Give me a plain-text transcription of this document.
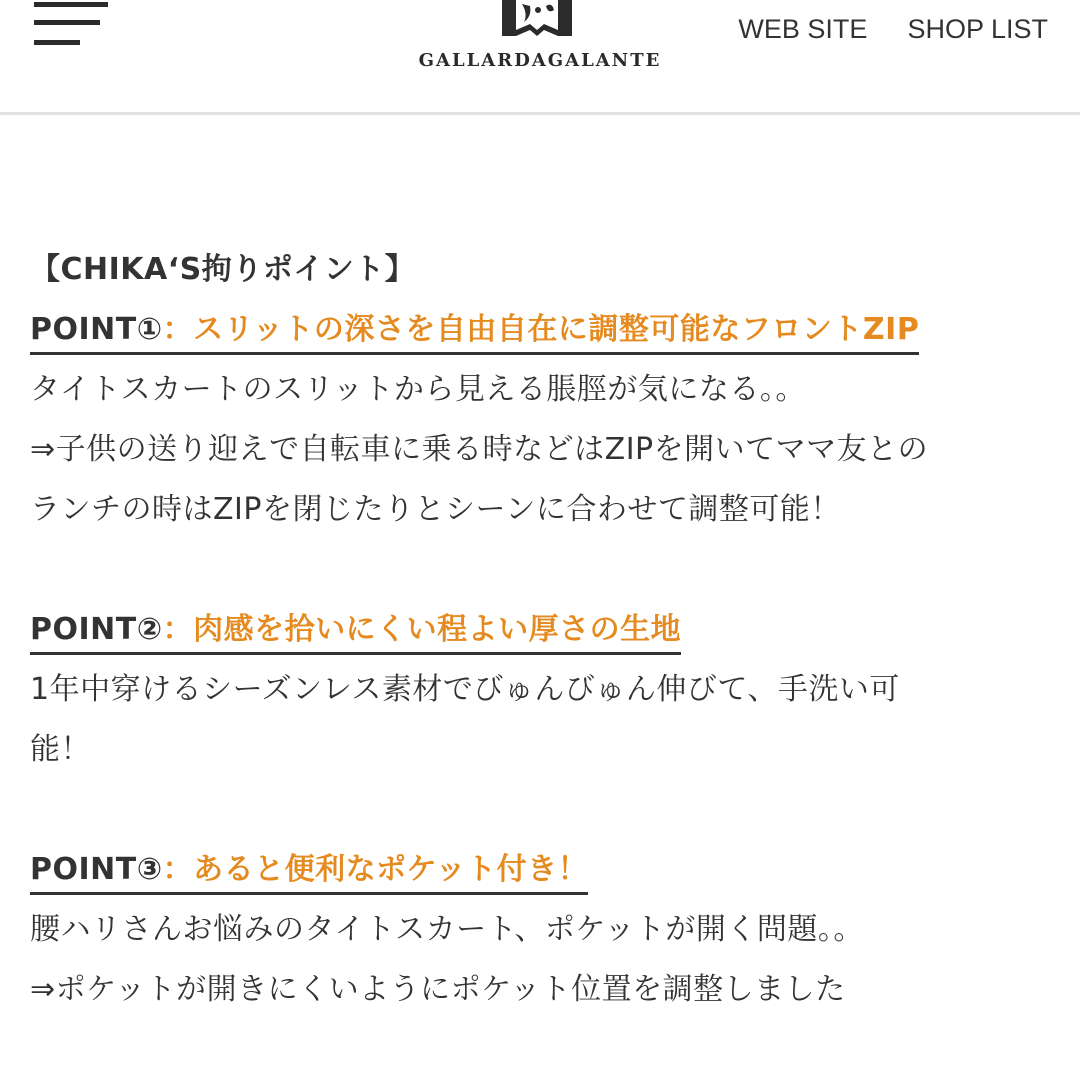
GALLARDAGALANTE
WEB SITE SHOP LIST
【CHIKA‘S拘りポイント】
POINT①：スリットの深さを自由自在に調整可能なフロントZIP
タイトスカートのスリットから見える脹脛が気になる。。
⇒子供の送り迎えで自転車に乗る時などはZIPを開いてママ友との
ランチの時はZIPを閉じたりとシーンに合わせて調整可能！
POINT②：肉感を拾いにくい程よい厚さの生地
1年中穿けるシーズンレス素材でびゅんびゅん伸びて、手洗い可
能！
POINT③：あると便利なポケット付き！
腰ハリさんお悩みのタイトスカート、ポケットが開く問題。。
⇒ポケットが開きにくいようにポケット位置を調整しました
